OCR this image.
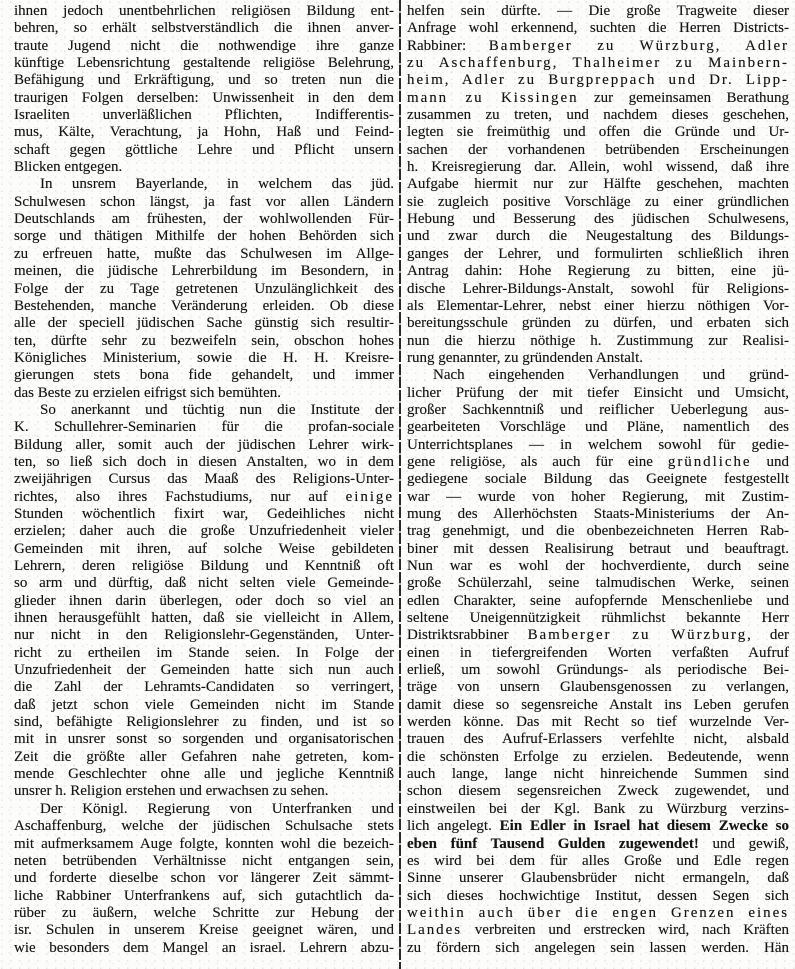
ihnen jedoch unentbehrlichen religiösen Bildung ent-
behren, so erhält selbstverständlich die ihnen anver-
traute Jugend nicht die nothwendige ihre ganze
künftige Lebensrichtung gestaltende religiöse Belehrung,
Befähigung und Erkräftigung, und so treten nun die
traurigen Folgen derselben: Unwissenheit in den dem
Israeliten unverläßlichen Pflichten, Indifferentis-
mus, Kälte, Verachtung, ja Hohn, Haß und Feind-
schaft gegen göttliche Lehre und Pflicht unsern
Blicken entgegen.
In unsrem Bayerlande, in welchem das jüd.
Schulwesen schon längst, ja fast vor allen Ländern
Deutschlands am frühesten, der wohlwollenden Für-
sorge und thätigen Mithilfe der hohen Behörden sich
zu erfreuen hatte, mußte das Schulwesen im Allge-
meinen, die jüdische Lehrerbildung im Besondern, in
Folge der zu Tage getretenen Unzulänglichkeit des
Bestehenden, manche Veränderung erleiden. Ob diese
alle der speciell jüdischen Sache günstig sich resultir-
ten, dürfte sehr zu bezweifeln sein, obschon hohes
Königliches Ministerium, sowie die H. H. Kreisre-
gierungen stets bona fide gehandelt, und immer
das Beste zu erzielen eifrigst sich bemühten.
So anerkannt und tüchtig nun die Institute der
K. Schullehrer-Seminarien für die profan-sociale
Bildung aller, somit auch der jüdischen Lehrer wirk-
ten, so ließ sich doch in diesen Anstalten, wo in dem
zweijährigen Cursus das Maaß des Religions-Unter-
richtes, also ihres Fachstudiums, nur auf einige
Stunden wöchentlich fixirt war, Gedeihliches nicht
erzielen; daher auch die große Unzufriedenheit vieler
Gemeinden mit ihren, auf solche Weise gebildeten
Lehrern, deren religiöse Bildung und Kenntniß oft
so arm und dürftig, daß nicht selten viele Gemeinde-
glieder ihnen darin überlegen, oder doch so viel an
ihnen herausgefühlt hatten, daß sie vielleicht in Allem,
nur nicht in den Religionslehr-Gegenständen, Unter-
richt zu ertheilen im Stande seien. In Folge der
Unzufriedenheit der Gemeinden hatte sich nun auch
die Zahl der Lehramts-Candidaten so verringert,
daß jetzt schon viele Gemeinden nicht im Stande
sind, befähigte Religionslehrer zu finden, und ist so
mit in unsrer sonst so sorgenden und organisatorischen
Zeit die größte aller Gefahren nahe getreten, kom-
mende Geschlechter ohne alle und jegliche Kenntniß
unsrer h. Religion erstehen und erwachsen zu sehen.
Der Königl. Regierung von Unterfranken und
Aschaffenburg, welche der jüdischen Schulsache stets
mit aufmerksamem Auge folgte, konnten wohl die bezeich-
neten betrübenden Verhältnisse nicht entgangen sein,
und forderte dieselbe schon vor längerer Zeit sämmt-
liche Rabbiner Unterfrankens auf, sich gutachtlich da-
rüber zu äußern, welche Schritte zur Hebung der
isr. Schulen in unserem Kreise geeignet wären, und
wie besonders dem Mangel an israel. Lehrern abzu-
helfen sein dürfte. — Die große Tragweite dieser
Anfrage wohl erkennend, suchten die Herren Districts-
Rabbiner: Bamberger zu Würzburg, Adler
zu Aschaffenburg, Thalheimer zu Mainbern-
heim, Adler zu Burgpreppach und Dr. Lipp-
mann zu Kissingen zur gemeinsamen Berathung
zusammen zu treten, und nachdem dieses geschehen,
legten sie freimüthig und offen die Gründe und Ur-
sachen der vorhandenen betrübenden Erscheinungen
h. Kreisregierung dar. Allein, wohl wissend, daß ihre
Aufgabe hiermit nur zur Hälfte geschehen, machten
sie zugleich positive Vorschläge zu einer gründlichen
Hebung und Besserung des jüdischen Schulwesens,
und zwar durch die Neugestaltung des Bildungs-
ganges der Lehrer, und formulirten schließlich ihren
Antrag dahin: Hohe Regierung zu bitten, eine jü-
dische Lehrer-Bildungs-Anstalt, sowohl für Religions-
als Elementar-Lehrer, nebst einer hierzu nöthigen Vor-
bereitungsschule gründen zu dürfen, und erbaten sich
nun die hierzu nöthige h. Zustimmung zur Realisi-
rung genannter, zu gründenden Anstalt.
Nach eingehenden Verhandlungen und gründ-
licher Prüfung der mit tiefer Einsicht und Umsicht,
großer Sachkenntniß und reiflicher Ueberlegung aus-
gearbeiteten Vorschläge und Pläne, namentlich des
Unterrichtsplanes — in welchem sowohl für gedie-
gene religiöse, als auch für eine gründliche und
gediegene sociale Bildung das Geeignete festgestellt
war — wurde von hoher Regierung, mit Zustim-
mung des Allerhöchsten Staats-Ministeriums der An-
trag genehmigt, und die obenbezeichneten Herren Rab-
biner mit dessen Realisirung betraut und beauftragt.
Nun war es wohl der hochverdiente, durch seine
große Schülerzahl, seine talmudischen Werke, seinen
edlen Charakter, seine aufopfernde Menschenliebe und
seltene Uneigennützigkeit rühmlichst bekannte Herr
Distriktsrabbiner Bamberger zu Würzburg, der
einen in tiefergreifenden Worten verfaßten Aufruf
erließ, um sowohl Gründungs- als periodische Bei-
träge von unsern Glaubensgenossen zu verlangen,
damit diese so segensreiche Anstalt ins Leben gerufen
werden könne. Das mit Recht so tief wurzelnde Ver-
trauen des Aufruf-Erlassers verfehlte nicht, alsbald
die schönsten Erfolge zu erzielen. Bedeutende, wenn
auch lange, lange nicht hinreichende Summen sind
schon diesem segensreichen Zweck zugewendet, und
einstweilen bei der Kgl. Bank zu Würzburg verzins-
lich angelegt. Ein Edler in Israel hat diesem Zwecke so
eben fünf Tausend Gulden zugewendet! und gewiß,
es wird bei dem für alles Große und Edle regen
Sinne unserer Glaubensbrüder nicht ermangeln, daß
sich dieses hochwichtige Institut, dessen Segen sich
weithin auch über die engen Grenzen eines
Landes verbreiten und erstrecken wird, nach Kräften
zu fördern sich angelegen sein lassen werden. Hän
